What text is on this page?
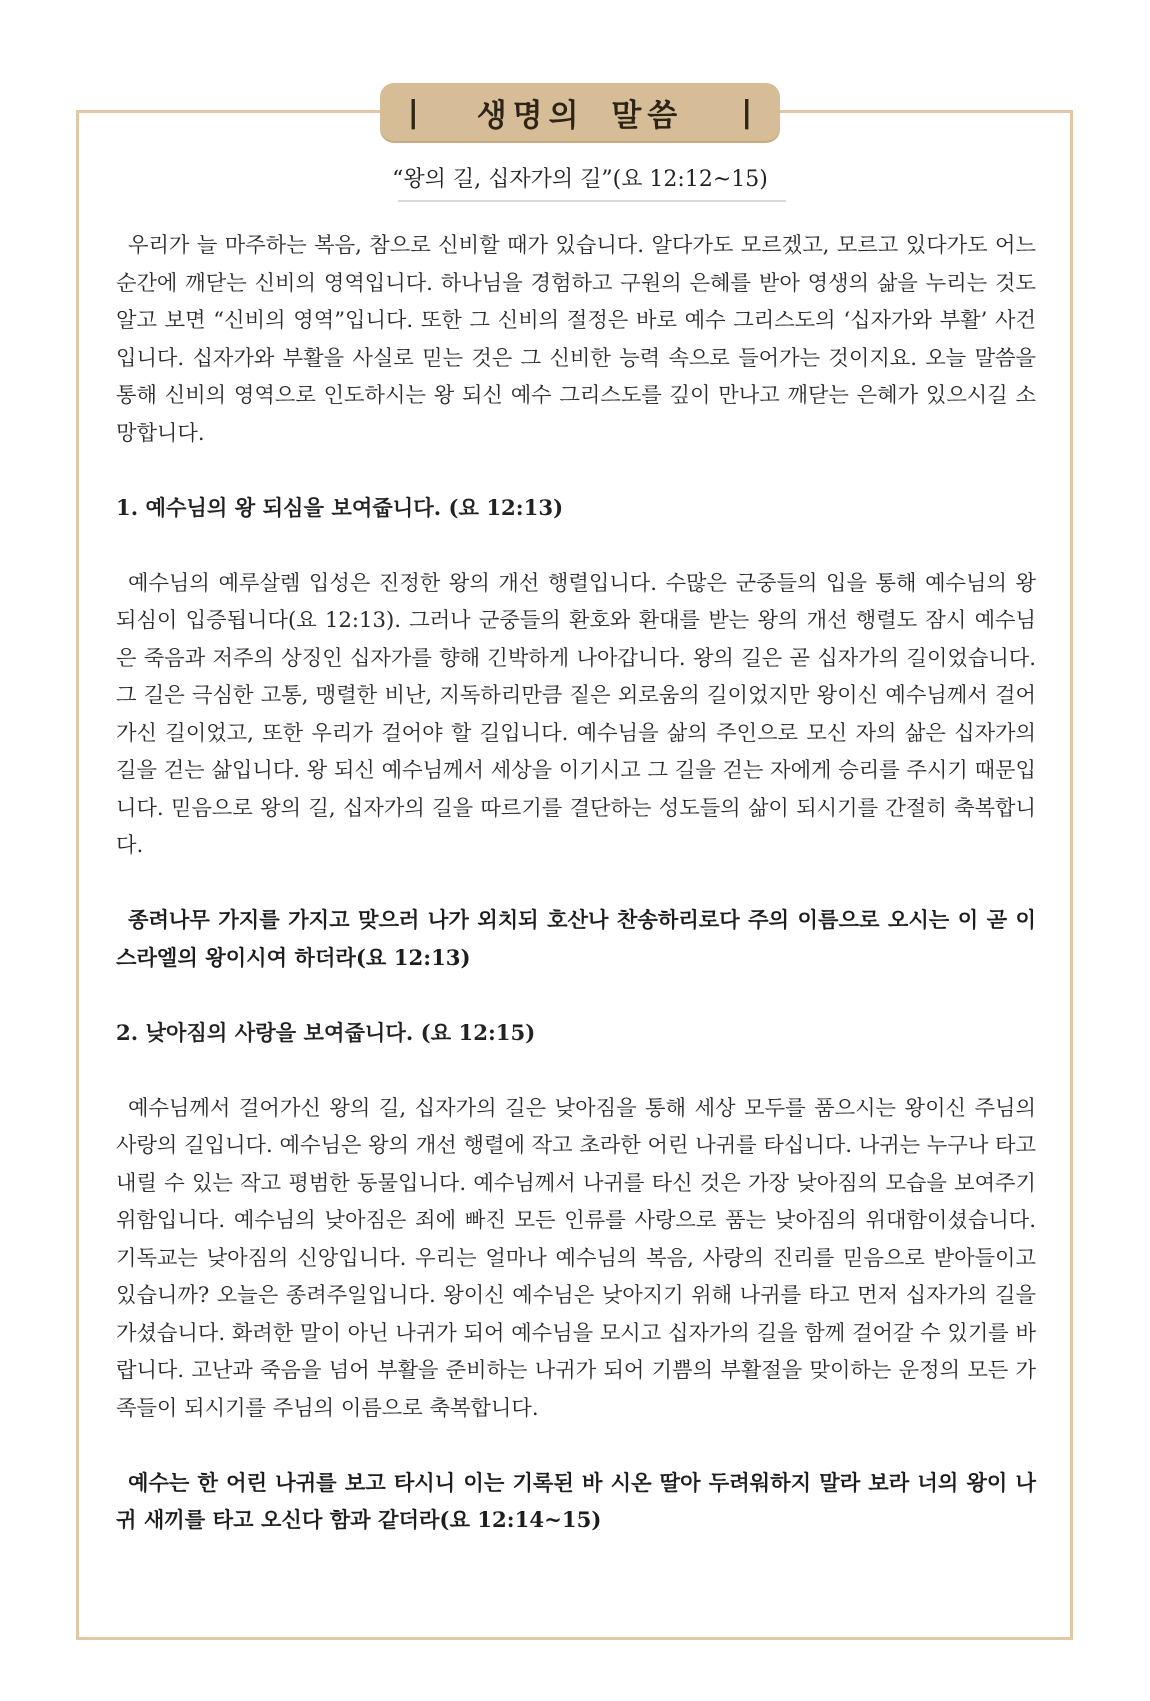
| 생명의 말씀 |
“왕의 길, 십자가의 길”(요 12:12~15)

우리가 늘 마주하는 복음, 참으로 신비할 때가 있습니다. 알다가도 모르겠고, 모르고 있다가도 어느 순간에 깨닫는 신비의 영역입니다. 하나님을 경험하고 구원의 은혜를 받아 영생의 삶을 누리는 것도 알고 보면 “신비의 영역”입니다. 또한 그 신비의 절정은 바로 예수 그리스도의 ‘십자가와 부활’ 사건입니다. 십자가와 부활을 사실로 믿는 것은 그 신비한 능력 속으로 들어가는 것이지요. 오늘 말씀을 통해 신비의 영역으로 인도하시는 왕 되신 예수 그리스도를 깊이 만나고 깨닫는 은혜가 있으시길 소망합니다.

1. 예수님의 왕 되심을 보여줍니다. (요 12:13)

예수님의 예루살렘 입성은 진정한 왕의 개선 행렬입니다. 수많은 군중들의 입을 통해 예수님의 왕 되심이 입증됩니다(요 12:13). 그러나 군중들의 환호와 환대를 받는 왕의 개선 행렬도 잠시 예수님은 죽음과 저주의 상징인 십자가를 향해 긴박하게 나아갑니다. 왕의 길은 곧 십자가의 길이었습니다. 그 길은 극심한 고통, 맹렬한 비난, 지독하리만큼 짙은 외로움의 길이었지만 왕이신 예수님께서 걸어가신 길이었고, 또한 우리가 걸어야 할 길입니다. 예수님을 삶의 주인으로 모신 자의 삶은 십자가의 길을 걷는 삶입니다. 왕 되신 예수님께서 세상을 이기시고 그 길을 걷는 자에게 승리를 주시기 때문입니다. 믿음으로 왕의 길, 십자가의 길을 따르기를 결단하는 성도들의 삶이 되시기를 간절히 축복합니다.

종려나무 가지를 가지고 맞으러 나가 외치되 호산나 찬송하리로다 주의 이름으로 오시는 이 곧 이스라엘의 왕이시여 하더라(요 12:13)

2. 낮아짐의 사랑을 보여줍니다. (요 12:15)

예수님께서 걸어가신 왕의 길, 십자가의 길은 낮아짐을 통해 세상 모두를 품으시는 왕이신 주님의 사랑의 길입니다. 예수님은 왕의 개선 행렬에 작고 초라한 어린 나귀를 타십니다. 나귀는 누구나 타고 내릴 수 있는 작고 평범한 동물입니다. 예수님께서 나귀를 타신 것은 가장 낮아짐의 모습을 보여주기 위함입니다. 예수님의 낮아짐은 죄에 빠진 모든 인류를 사랑으로 품는 낮아짐의 위대함이셨습니다. 기독교는 낮아짐의 신앙입니다. 우리는 얼마나 예수님의 복음, 사랑의 진리를 믿음으로 받아들이고 있습니까? 오늘은 종려주일입니다. 왕이신 예수님은 낮아지기 위해 나귀를 타고 먼저 십자가의 길을 가셨습니다. 화려한 말이 아닌 나귀가 되어 예수님을 모시고 십자가의 길을 함께 걸어갈 수 있기를 바랍니다. 고난과 죽음을 넘어 부활을 준비하는 나귀가 되어 기쁨의 부활절을 맞이하는 운정의 모든 가족들이 되시기를 주님의 이름으로 축복합니다.

예수는 한 어린 나귀를 보고 타시니 이는 기록된 바 시온 딸아 두려워하지 말라 보라 너의 왕이 나귀 새끼를 타고 오신다 함과 같더라(요 12:14~15)
